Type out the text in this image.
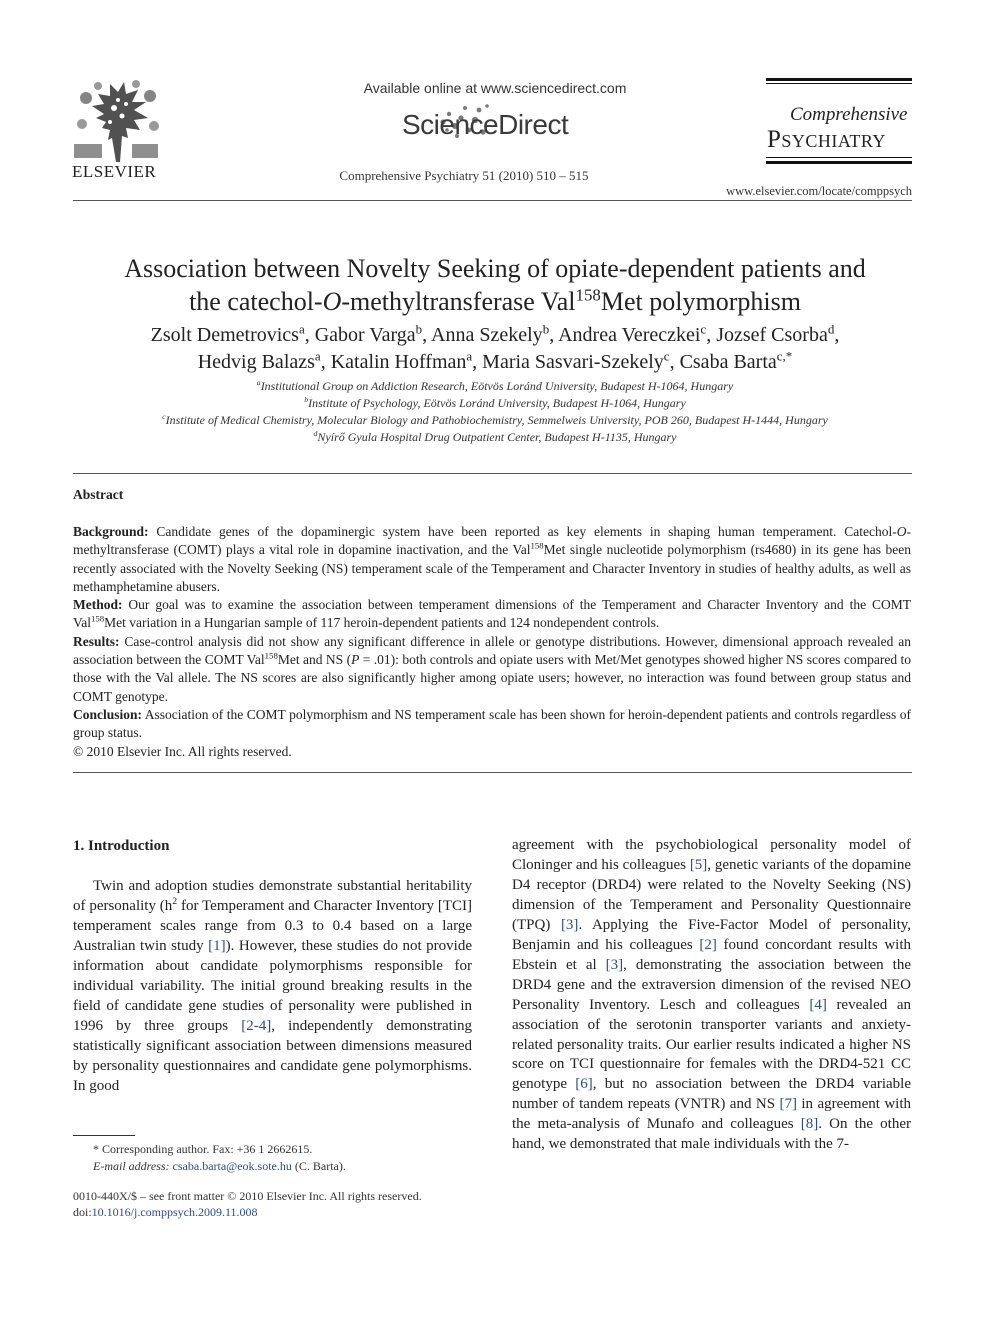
ELSEVIER
Available online at www.sciencedirect.com
ScienceDirect
Comprehensive Psychiatry 51 (2010) 510 – 515
Comprehensive
Psychiatry
www.elsevier.com/locate/comppsych
Association between Novelty Seeking of opiate-dependent patients and
the catechol-O-methyltransferase Val$^{158}$Met polymorphism
Zsolt Demetrovics$^a$, Gabor Varga$^b$, Anna Szekely$^b$, Andrea Vereczkei$^c$, Jozsef Csorba$^d$,
Hedvig Balazs$^a$, Katalin Hoffman$^a$, Maria Sasvari-Szekely$^c$, Csaba Barta$^{c,*}$
$^a$Institutional Group on Addiction Research, Eötvös Loránd University, Budapest H-1064, Hungary
$^b$Institute of Psychology, Eötvös Loránd University, Budapest H-1064, Hungary
$^c$Institute of Medical Chemistry, Molecular Biology and Pathobiochemistry, Semmelweis University, POB 260, Budapest H-1444, Hungary
$^d$Nyírő Gyula Hospital Drug Outpatient Center, Budapest H-1135, Hungary
Abstract

Background: Candidate genes of the dopaminergic system have been reported as key elements in shaping human temperament. Catechol-O-methyltransferase (COMT) plays a vital role in dopamine inactivation, and the Val$^{158}$Met single nucleotide polymorphism (rs4680) in its gene has been recently associated with the Novelty Seeking (NS) temperament scale of the Temperament and Character Inventory in studies of healthy adults, as well as methamphetamine abusers.

Method: Our goal was to examine the association between temperament dimensions of the Temperament and Character Inventory and the COMT Val$^{158}$Met variation in a Hungarian sample of 117 heroin-dependent patients and 124 nondependent controls.

Results: Case-control analysis did not show any significant difference in allele or genotype distributions. However, dimensional approach revealed an association between the COMT Val$^{158}$Met and NS (P = .01): both controls and opiate users with Met/Met genotypes showed higher NS scores compared to those with the Val allele. The NS scores are also significantly higher among opiate users; however, no interaction was found between group status and COMT genotype.

Conclusion: Association of the COMT polymorphism and NS temperament scale has been shown for heroin-dependent patients and controls regardless of group status.

© 2010 Elsevier Inc. All rights reserved.

1. Introduction
Twin and adoption studies demonstrate substantial heritability of personality ($h^2$ for Temperament and Character Inventory [TCI] temperament scales range from 0.3 to 0.4 based on a large Australian twin study [1]). However, these studies do not provide information about candidate polymorphisms responsible for individual variability. The initial ground breaking results in the field of candidate gene studies of personality were published in 1996 by three groups [2-4], independently demonstrating statistically significant association between dimensions measured by personality questionnaires and candidate gene polymorphisms. In good
agreement with the psychobiological personality model of Cloninger and his colleagues [5], genetic variants of the dopamine D4 receptor (DRD4) were related to the Novelty Seeking (NS) dimension of the Temperament and Personality Questionnaire (TPQ) [3]. Applying the Five-Factor Model of personality, Benjamin and his colleagues [2] found concordant results with Ebstein et al [3], demonstrating the association between the DRD4 gene and the extraversion dimension of the revised NEO Personality Inventory. Lesch and colleagues [4] revealed an association of the serotonin transporter variants and anxiety-related personality traits. Our earlier results indicated a higher NS score on TCI questionnaire for females with the DRD4-521 CC genotype [6], but no association between the DRD4 variable number of tandem repeats (VNTR) and NS [7] in agreement with the meta-analysis of Munafo and colleagues [8]. On the other hand, we demonstrated that male individuals with the 7-
* Corresponding author. Fax: +36 1 2662615.
E-mail address: csaba.barta@eok.sote.hu (C. Barta).
0010-440X/$ – see front matter © 2010 Elsevier Inc. All rights reserved.
doi:10.1016/j.comppsych.2009.11.008
